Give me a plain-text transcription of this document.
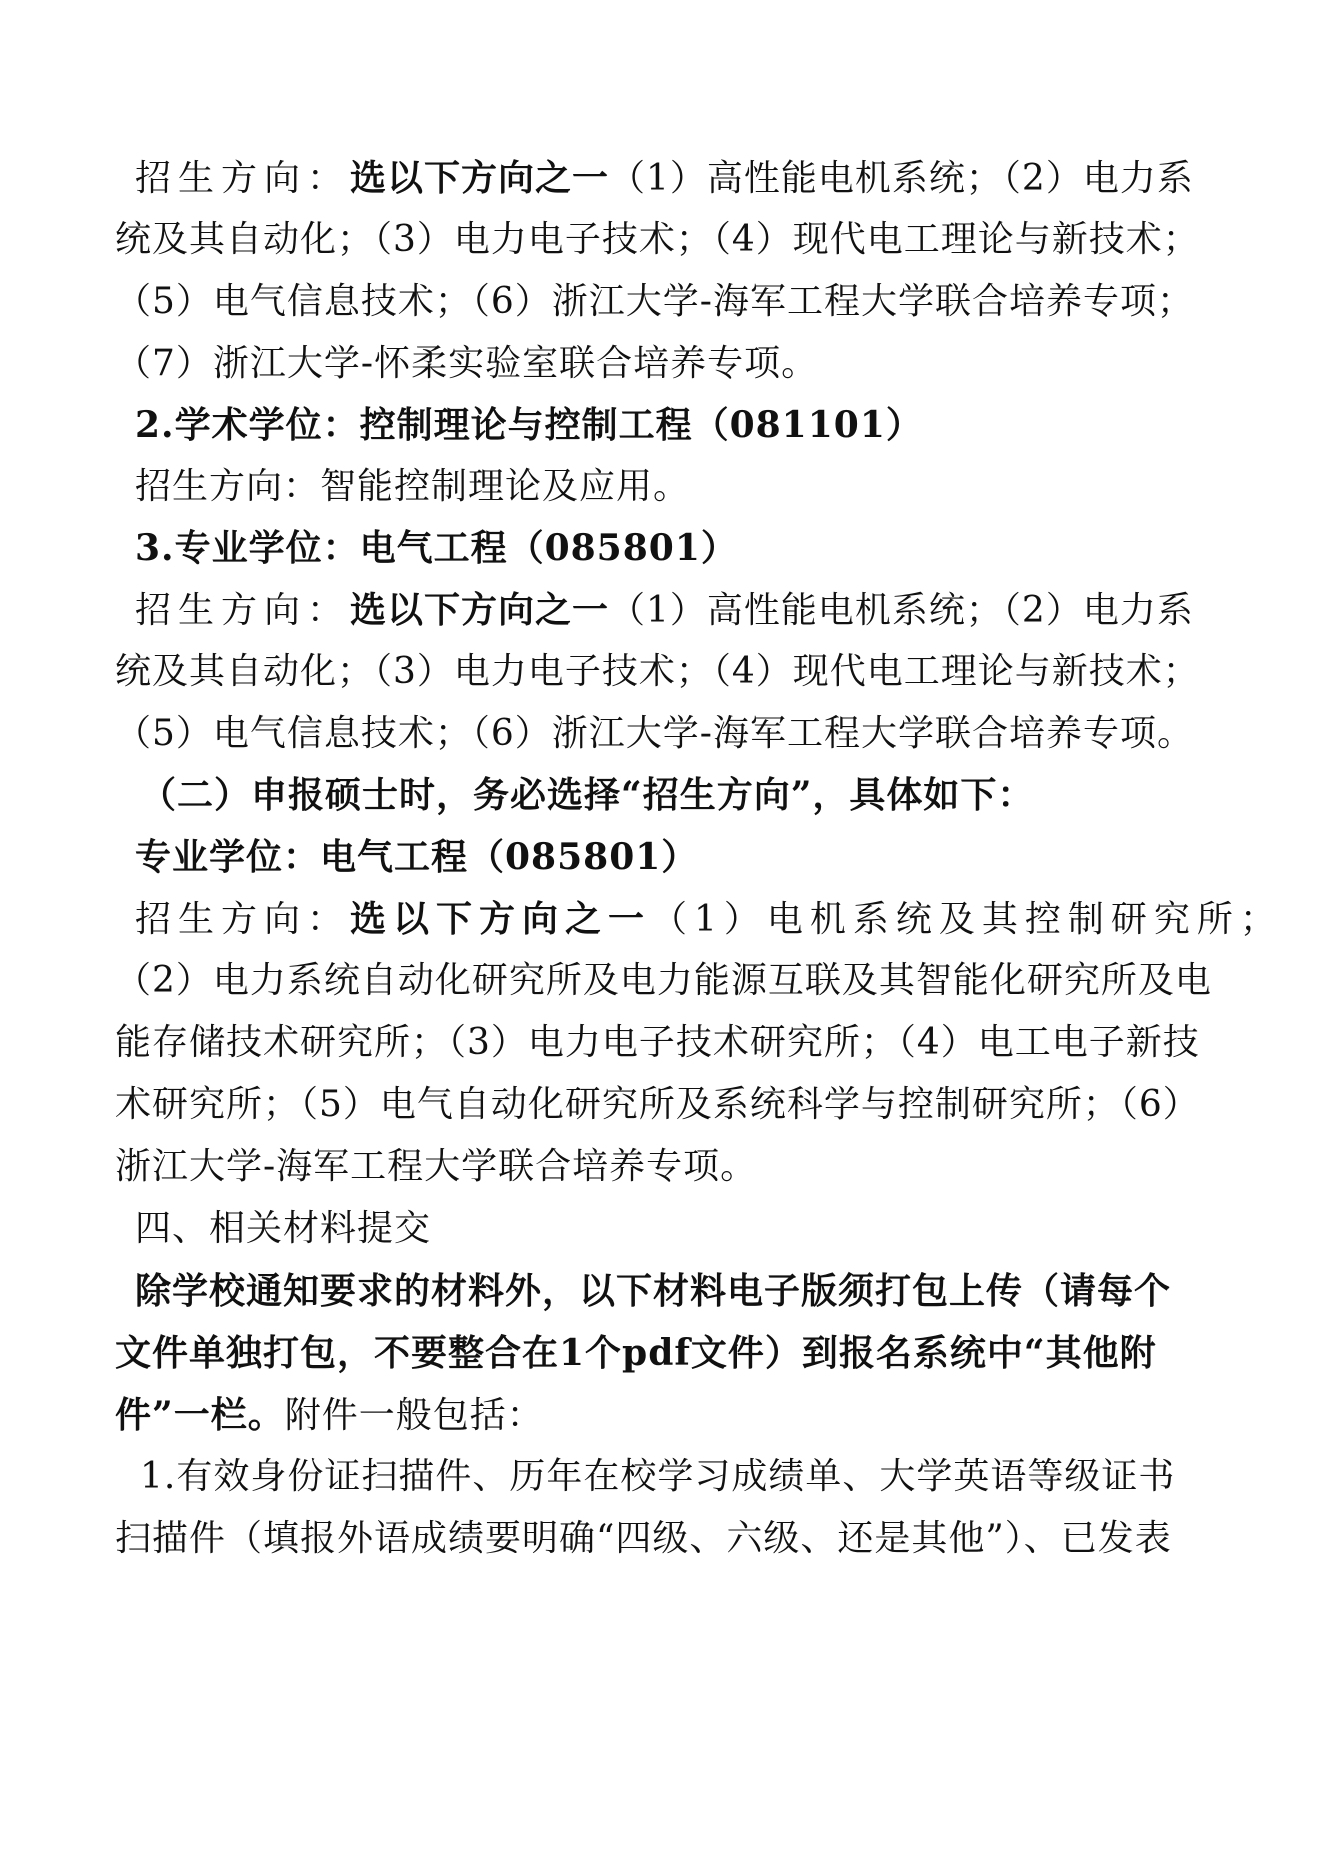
招生方向：选以下方向之一（1）高性能电机系统；（2）电力系
统及其自动化；（3）电力电子技术；（4）现代电工理论与新技术；
（5）电气信息技术；（6）浙江大学-海军工程大学联合培养专项；
（7）浙江大学-怀柔实验室联合培养专项。
2.学术学位：控制理论与控制工程（081101）
招生方向：智能控制理论及应用。
3.专业学位：电气工程（085801）
招生方向：选以下方向之一（1）高性能电机系统；（2）电力系
统及其自动化；（3）电力电子技术；（4）现代电工理论与新技术；
（5）电气信息技术；（6）浙江大学-海军工程大学联合培养专项。
（二）申报硕士时，务必选择“招生方向”，具体如下：
专业学位：电气工程（085801）
招生方向：选以下方向之一（1）电机系统及其控制研究所；
（2）电力系统自动化研究所及电力能源互联及其智能化研究所及电
能存储技术研究所；（3）电力电子技术研究所；（4）电工电子新技
术研究所；（5）电气自动化研究所及系统科学与控制研究所；（6）
浙江大学-海军工程大学联合培养专项。
四、相关材料提交
除学校通知要求的材料外，以下材料电子版须打包上传（请每个
文件单独打包，不要整合在1个pdf文件）到报名系统中“其他附
件”一栏。附件一般包括：
1.有效身份证扫描件、历年在校学习成绩单、大学英语等级证书
扫描件（填报外语成绩要明确“四级、六级、还是其他”）、已发表
